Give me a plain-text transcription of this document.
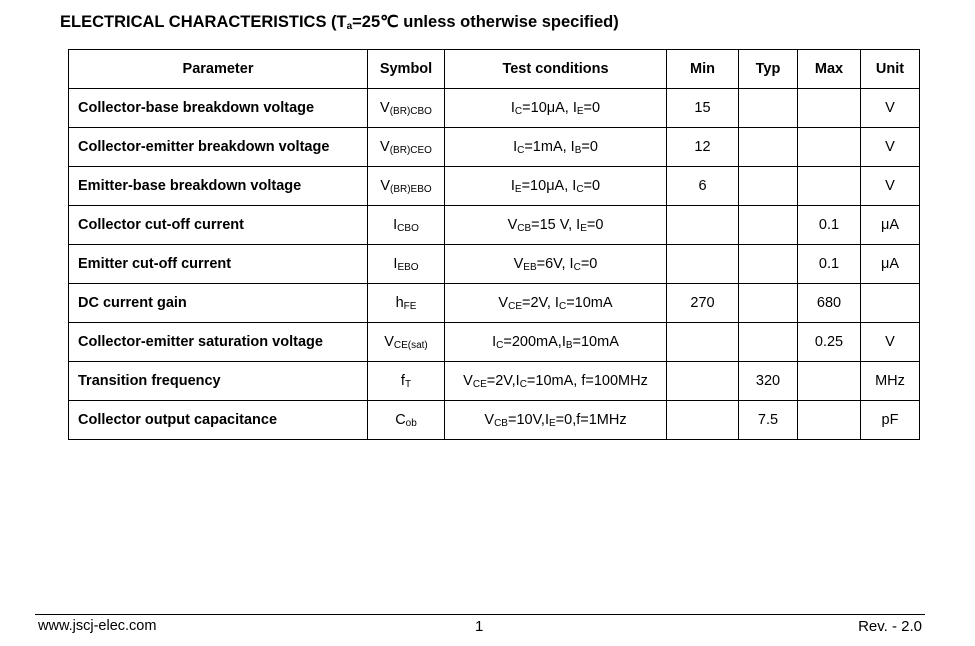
ELECTRICAL CHARACTERISTICS ($T_a=25℃$ unless otherwise specified)
Parameter	Symbol	Test conditions	Min	Typ	Max	Unit
Collector-base breakdown voltage	$V_{(BR)CBO}$	$I_C=10\mu A$, $I_E=0$	15			V
Collector-emitter breakdown voltage	$V_{(BR)CEO}$	$I_C=1mA$, $I_B=0$	12			V
Emitter-base breakdown voltage	$V_{(BR)EBO}$	$I_E=10\mu A$, $I_C=0$	6			V
Collector cut-off current	$I_{CBO}$	$V_{CB}=15$ V, $I_E=0$			0.1	μA
Emitter cut-off current	$I_{EBO}$	$V_{EB}=6V$, $I_C=0$			0.1	μA
DC current gain	$h_{FE}$	$V_{CE}=2V$, $I_C=10mA$	270		680	
Collector-emitter saturation voltage	$V_{CE(sat)}$	$I_C=200mA,I_B=10mA$			0.25	V
Transition frequency	$f_T$	$V_{CE}=2V,I_C=10mA$, f=100MHz		320		MHz
Collector output capacitance	$C_{ob}$	$V_{CB}=10V,I_E=0,f=1MHz$		7.5		pF
www.jscj-elec.com	1	Rev. - 2.0
